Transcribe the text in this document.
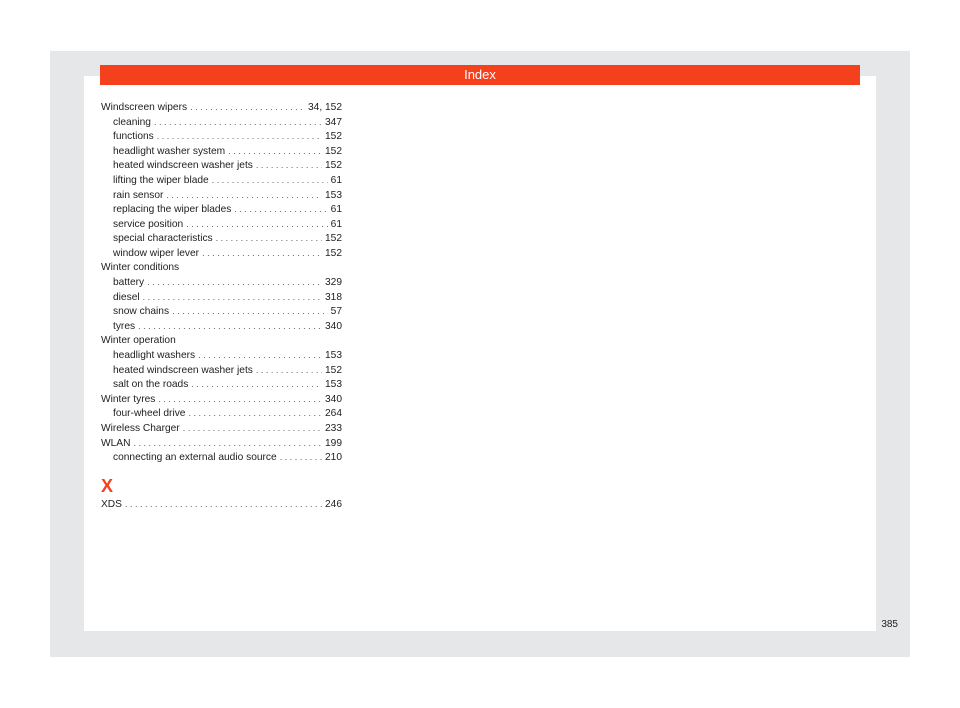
Index
Windscreen wipers . . .	34, 152
cleaning . . .	347
functions . . .	152
headlight washer system . . .	152
heated windscreen washer jets . . .	152
lifting the wiper blade . . .	61
rain sensor . . .	153
replacing the wiper blades . . .	61
service position . . .	61
special characteristics . . .	152
window wiper lever . . .	152
Winter conditions
battery . . .	329
diesel . . .	318
snow chains . . .	57
tyres . . .	340
Winter operation
headlight washers . . .	153
heated windscreen washer jets . . .	152
salt on the roads . . .	153
Winter tyres . . .	340
four-wheel drive . . .	264
Wireless Charger . . .	233
WLAN . . .	199
connecting an external audio source . . .	210
X
XDS . . .	246
385
